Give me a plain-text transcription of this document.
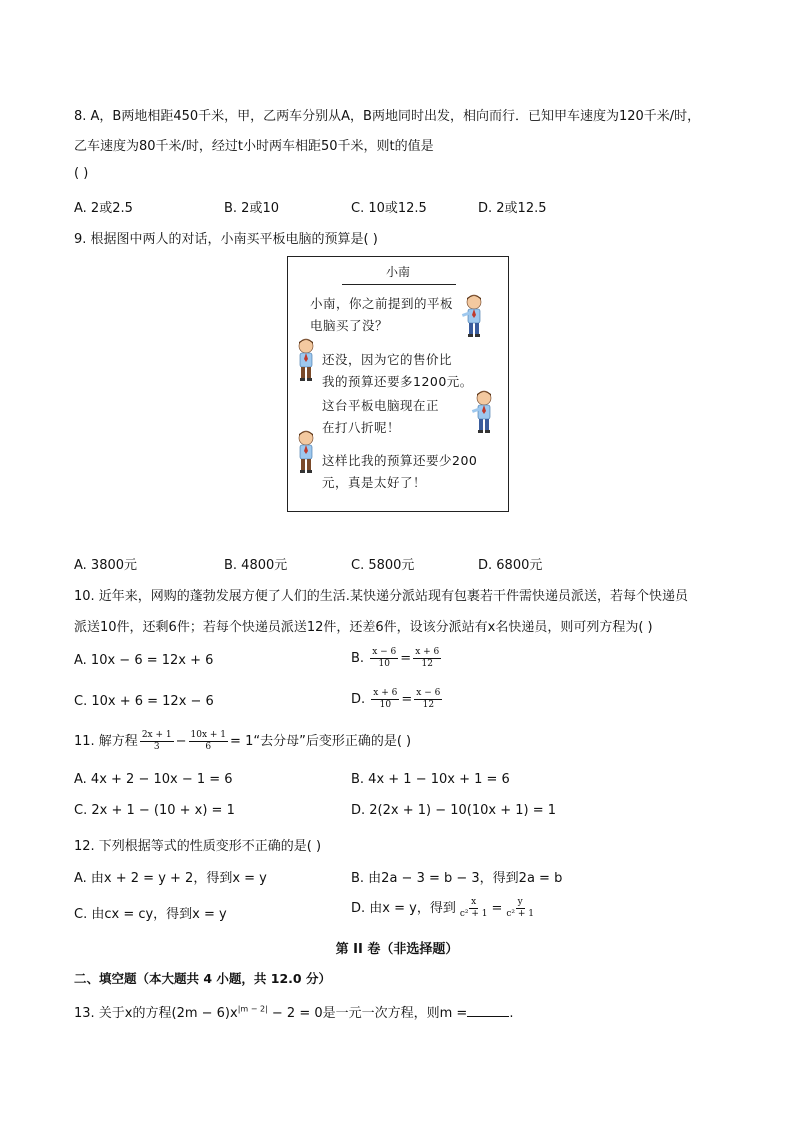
8. A，B两地相距450千米，甲，乙两车分别从A，B两地同时出发，相向而行．已知甲车速度为120千米/时，
乙车速度为80千米/时，经过t小时两车相距50千米，则t的值是
( )
A. 2或2.5	B. 2或10	C. 10或12.5	D. 2或12.5
9. 根据图中两人的对话，小南买平板电脑的预算是( )
小南
小南，你之前提到的平板
电脑买了没？
还没，因为它的售价比
我的预算还要多1200元。
这台平板电脑现在正
在打八折呢！
这样比我的预算还要少200
元，真是太好了！
A. 3800元	B. 4800元	C. 5800元	D. 6800元
10. 近年来，网购的蓬勃发展方便了人们的生活.某快递分派站现有包裹若干件需快递员派送，若每个快递员
派送10件，还剩6件；若每个快递员派送12件，还差6件，设该分派站有x名快递员，则可列方程为( )
A. 10x − 6 = 12x + 6	B. $\frac{x - 6}{10} = \frac{x + 6}{12}$
C. 10x + 6 = 12x − 6	D. $\frac{x + 6}{10} = \frac{x - 6}{12}$
11. 解方程 $\frac{2x + 1}{3} - \frac{10x + 1}{6}$ = 1“去分母”后变形正确的是( )
A. 4x + 2 − 10x − 1 = 6	B. 4x + 1 − 10x + 1 = 6
C. 2x + 1 − (10 + x) = 1	D. 2(2x + 1) − 10(10x + 1) = 1
12. 下列根据等式的性质变形不正确的是( )
A. 由x + 2 = y + 2，得到x = y	B. 由2a − 3 = b − 3，得到2a = b
C. 由cx = cy，得到x = y	D. 由x = y，得到 $\frac{x}{\text{c² + 1}} = \frac{y}{\text{c² + 1}}$
第 II 卷（非选择题）
二、填空题（本大题共 4 小题，共 12.0 分）
13. 关于x的方程$(2m - 6)x^{|m - 2|} - 2 = 0$是一元一次方程，则m =	.
